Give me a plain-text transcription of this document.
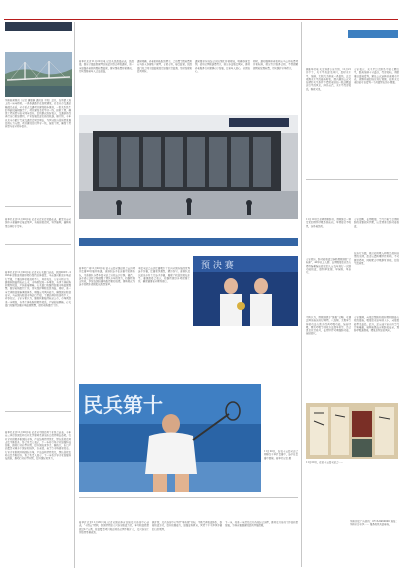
荆州新闻网讯（记者 蒲丽娟 通讯员 王明）近日，在荆楚大地上的一座座桥梁、一条条道路正在加紧建设。记者从市交通运输部门获悉，全市重点交通项目建设稳步推进，一批关系民生的基础设施相继完工。项目建设者们坚守一线，抢抓工期，确保工程质量与安全同步提升。沿线群众纷纷表示，交通条件改善后出行更加便利，产业发展也迎来新的机遇。据介绍，今年以来全市累计完成交通投资同比增长，为区域经济高质量发展提供有力支撑。项目建设者们坚守一线，抢抓工期，确保工程质量与安全同步提升。
新华社北京11月20日电 记者从农业农村部获悉，截至目前全国冬小麦播种已接近尾声，各地抢抓农时，科学播种，播种质量总体好于常年。
新华社北京11月20日电 记者从有关部门获悉，我国2025～2026年度粮食供需形势将保持总体稳定。当前国内粮食市场运行平稳，主要品种价格波动不大，库存充足。专家分析认为，随着秋粮陆续收获上市，市场供给进一步增加，各类主体收购积极性较高，产销衔接顺畅。有关部门将继续加强市场监测预警，做好收购组织工作，切实保护种粮农民利益。同时，进一步完善粮食储备调控体系，增强应对风险能力，确保国家粮食安全。当前国内粮食市场运行平稳，主要品种价格波动不大，库存充足。专家分析认为，随着秋粮陆续收获上市，市场供给进一步增加，各类主体收购积极性较高，产销衔接顺畅。有关部门将继续加强市场监测预警，做好收购组织工作。
新华社北京11月20日电 记者从中国农药工业协会获悉，今年前三季度我国农药行业化学原药及制剂出口保持增长态势。行业企业积极开拓国际市场，产品结构持续优化，绿色高效农药占比不断提升。协会负责人表示，下一步将引导企业加强科技创新，推动行业转型升级，提升国际竞争力。据统计，出口产品覆盖全球多个国家和地区，东南亚、南美等市场需求旺盛。行业企业积极开拓国际市场，产品结构持续优化，绿色高效农药占比不断提升。协会负责人表示，下一步将引导企业加强科技创新，推动行业转型升级，提升国际竞争力。
新华社北京11月20日电 记者从民政部获悉，民政部、国家金融监督管理总局近日联合印发通知，进一步加强养老机构预收费监管，健全预收费存管规则，切实保障老年人合法权益。
通知明确，养老机构收取的押金、会员费等预收费用应当纳入存管账户管理，专款专用，接受监管。民政部门将会同金融监管部门加强日常监测，及时发现和处置风险。
通知要求各地结合实际细化存管规则，明确存管比例、使用范围和退费程序，防范非法集资风险，推动养老服务行业健康有序发展，让老年人放心、家属安心。
同时，通知强调养老机构应当公开收费项目和标准，规范签订服务合同，不得超额超期收取预收费，切实维护市场秩序。
新华社广州11月20日电 第十五届全国运动会击剑项目比赛20日展开角逐，香港队选手在决赛中发挥出色，为香港队夺得本届全运会首枚击剑金牌。赛后，选手表示这枚金牌凝聚了团队多年的努力，将继续刻苦训练，争取在国际赛场取得更好成绩。现场观众为选手的精彩表现报以热烈掌声。
本届全运会击剑比赛吸引了来自全国各地的优秀选手参赛，比赛竞争激烈，精彩纷呈。香港队此次派出多名主力选手参赛，展现了较高的竞技水平。赛事组委会表示，将继续做好各项保障工作，确保赛事安全顺利进行。
预 决 赛
民兵第十
11月20日，在第十五届全运会网球女子单打比赛中，选手在比赛中回球。新华社记者 摄
新华社北京11月20日电 记者从国家体育总局反兴奋剂中心获悉，“十四五”期间，我国持续加大兴奋剂检查力度，年均检查数量超过2.7万例，检查覆盖项目和运动员范围不断扩大，反兴奋剂工作取得显著成效。
据介绍，反兴奋剂中心坚持“零出现”目标，不断完善检查体系，创新检查方式，提升检测能力，加强宣传教育，营造了干干净净参赛的良好氛围。
下一步，将进一步深化反兴奋剂综合治理，推动反兴奋剂工作高质量发展，为体育强国建设提供坚强保障。
据新华社电 天文科普专家介绍，11月21日中午，天王星将迎来冲日，届时天王星、地球、太阳几乎排成一条直线，这是观测天王星的最佳时机。感兴趣的公众可在晴好天气条件下借助望远镜一睹这颗遥远行星的风采。冲日前后，天王星亮度较高，整夜可见。
专家表示，天王星是太阳系中第七颗行星，距离地球十分遥远，亮度较暗，肉眼难以直接看到。建议公众选择远离城市灯光、视野开阔的地方进行观测，使用天文望远镜可以看到一个淡蓝绿色的小圆面。
11月19日是世界慢阻肺日。慢阻肺是一种常见的慢性呼吸系统疾病，早期症状不明显，容易被忽视。
专家提醒，长期吸烟、空气污染等是慢阻肺的重要危险因素，应定期进行肺功能检查。
专家指出，肺功能检查是诊断慢阻肺的“金标准”，40岁以上人群、长期吸烟者以及有慢性咳嗽咳痰症状的人应每年进行一次肺功能检查，做到早发现、早诊断、早治疗。
在治疗方面，规范使用吸入药物是控制病情的关键。患者应遵医嘱坚持用药，不可随意停药，同时配合呼吸康复训练，提高生活质量。
中医认为，慢阻肺属于“肺胀”范畴，可通过辨证施治进行调理。八段锦、太极拳等传统功法有助于改善呼吸功能，缩唇呼吸、腹式呼吸等训练方法简单易学，适合患者日常练习，长期坚持可增强肺功能，减轻症状。
专家强调，戒烟是预防和控制慢阻肺最有效的措施。吸烟者无论年龄大小，戒烟都能带来益处。此外，还应减少室内外空气污染暴露，接种流感疫苗和肺炎疫苗，预防呼吸道感染，降低急性加重风险。
11月20日，在第十五届全运会……
荆州日报广告热线：0716-8460000 地址：荆州市沙市区…… 服务热线欢迎垂询。
